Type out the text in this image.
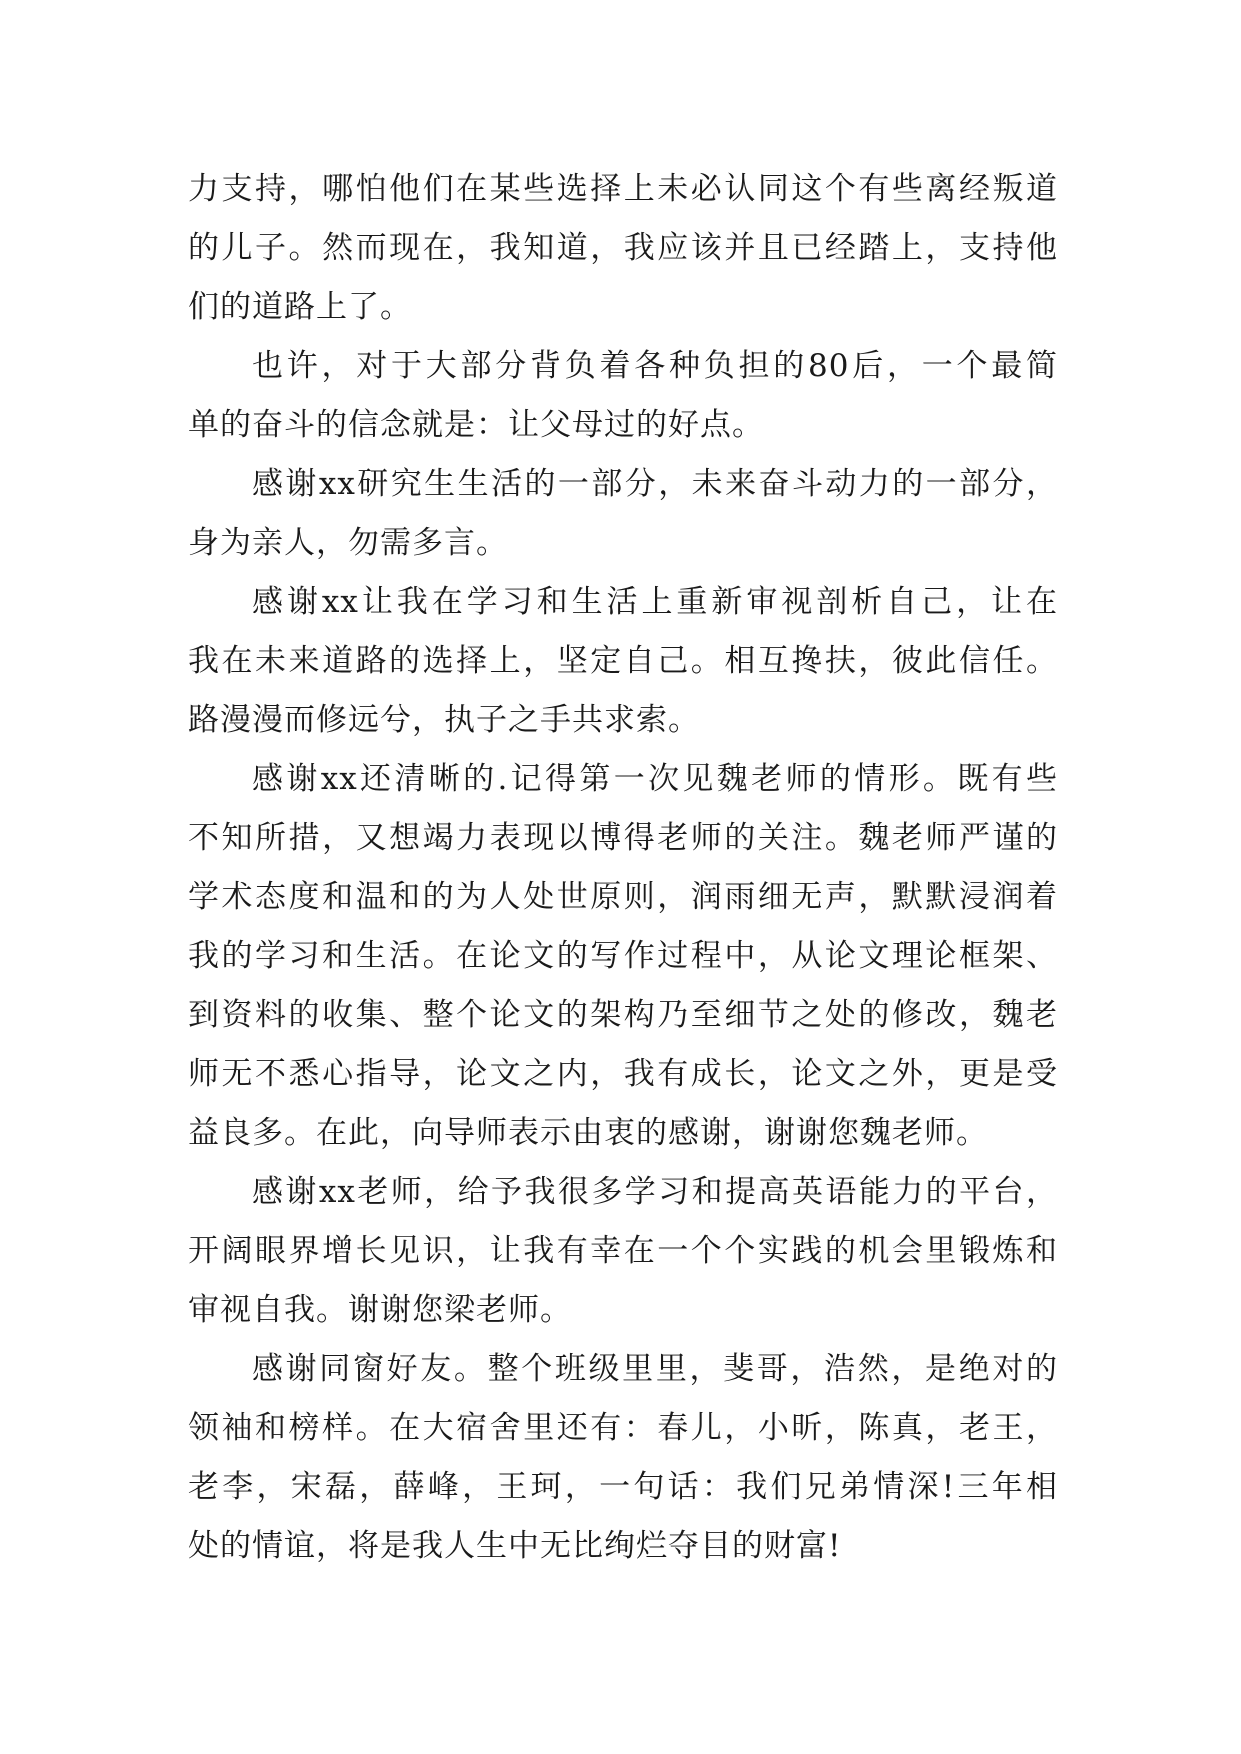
力支持，哪怕他们在某些选择上未必认同这个有些离经叛道
的儿子。然而现在，我知道，我应该并且已经踏上，支持他
们的道路上了。
也许，对于大部分背负着各种负担的80后，一个最简
单的奋斗的信念就是：让父母过的好点。
感谢xx研究生生活的一部分，未来奋斗动力的一部分，
身为亲人，勿需多言。
感谢xx让我在学习和生活上重新审视剖析自己，让在
我在未来道路的选择上，坚定自己。相互搀扶，彼此信任。
路漫漫而修远兮，执子之手共求索。
感谢xx还清晰的.记得第一次见魏老师的情形。既有些
不知所措，又想竭力表现以博得老师的关注。魏老师严谨的
学术态度和温和的为人处世原则，润雨细无声，默默浸润着
我的学习和生活。在论文的写作过程中，从论文理论框架、
到资料的收集、整个论文的架构乃至细节之处的修改，魏老
师无不悉心指导，论文之内，我有成长，论文之外，更是受
益良多。在此，向导师表示由衷的感谢，谢谢您魏老师。
感谢xx老师，给予我很多学习和提高英语能力的平台，
开阔眼界增长见识，让我有幸在一个个实践的机会里锻炼和
审视自我。谢谢您梁老师。
感谢同窗好友。整个班级里里，斐哥，浩然，是绝对的
领袖和榜样。在大宿舍里还有：春儿，小昕，陈真，老王，
老李，宋磊，薛峰，王珂，一句话：我们兄弟情深!三年相
处的情谊，将是我人生中无比绚烂夺目的财富!
